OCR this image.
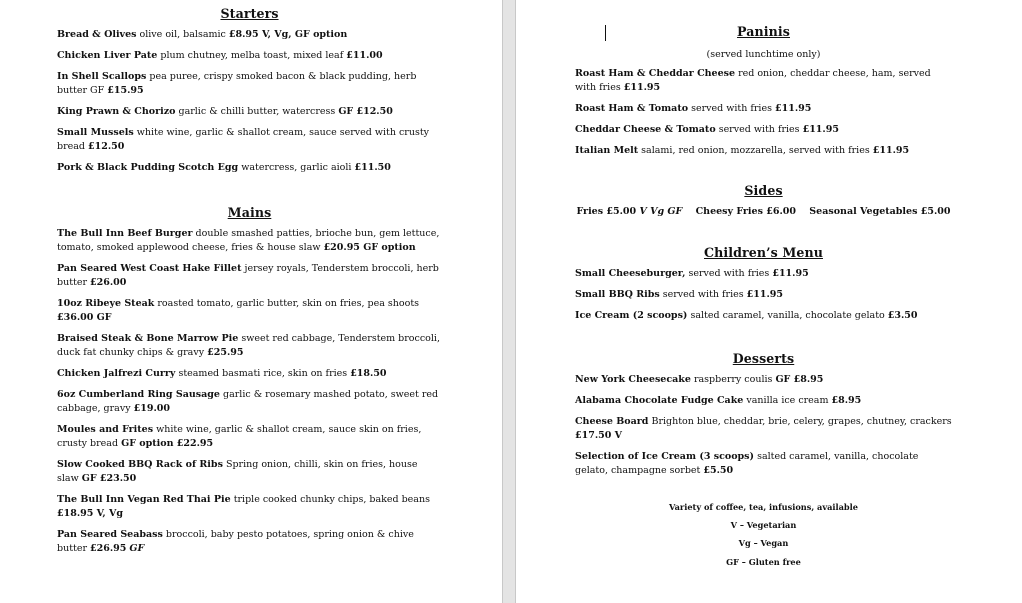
Starters
Bread & Olives olive oil, balsamic £8.95 V, Vg, GF option
Chicken Liver Pate plum chutney, melba toast, mixed leaf £11.00
In Shell Scallops pea puree, crispy smoked bacon & black pudding, herb butter GF £15.95
King Prawn & Chorizo garlic & chilli butter, watercress GF £12.50
Small Mussels white wine, garlic & shallot cream, sauce served with crusty bread £12.50
Pork & Black Pudding Scotch Egg watercress, garlic aioli £11.50
Mains
The Bull Inn Beef Burger double smashed patties, brioche bun, gem lettuce, tomato, smoked applewood cheese, fries & house slaw £20.95 GF option
Pan Seared West Coast Hake Fillet jersey royals, Tenderstem broccoli, herb butter £26.00
10oz Ribeye Steak roasted tomato, garlic butter, skin on fries, pea shoots £36.00 GF
Braised Steak & Bone Marrow Pie sweet red cabbage, Tenderstem broccoli, duck fat chunky chips & gravy £25.95
Chicken Jalfrezi Curry steamed basmati rice, skin on fries £18.50
6oz Cumberland Ring Sausage garlic & rosemary mashed potato, sweet red cabbage, gravy £19.00
Moules and Frites white wine, garlic & shallot cream, sauce skin on fries, crusty bread GF option £22.95
Slow Cooked BBQ Rack of Ribs Spring onion, chilli, skin on fries, house slaw GF £23.50
The Bull Inn Vegan Red Thai Pie triple cooked chunky chips, baked beans £18.95 V, Vg
Pan Seared Seabass broccoli, baby pesto potatoes, spring onion & chive butter £26.95 GF
Paninis
(served lunchtime only)
Roast Ham & Cheddar Cheese red onion, cheddar cheese, ham, served with fries £11.95
Roast Ham & Tomato served with fries £11.95
Cheddar Cheese & Tomato served with fries £11.95
Italian Melt salami, red onion, mozzarella, served with fries £11.95
Sides
Fries £5.00 V Vg GF Cheesy Fries £6.00 Seasonal Vegetables £5.00
Children’s Menu
Small Cheeseburger, served with fries £11.95
Small BBQ Ribs served with fries £11.95
Ice Cream (2 scoops) salted caramel, vanilla, chocolate gelato £3.50
Desserts
New York Cheesecake raspberry coulis GF £8.95
Alabama Chocolate Fudge Cake vanilla ice cream £8.95
Cheese Board Brighton blue, cheddar, brie, celery, grapes, chutney, crackers £17.50 V
Selection of Ice Cream (3 scoops) salted caramel, vanilla, chocolate gelato, champagne sorbet £5.50
Variety of coffee, tea, infusions, available
V – Vegetarian
Vg – Vegan
GF – Gluten free
